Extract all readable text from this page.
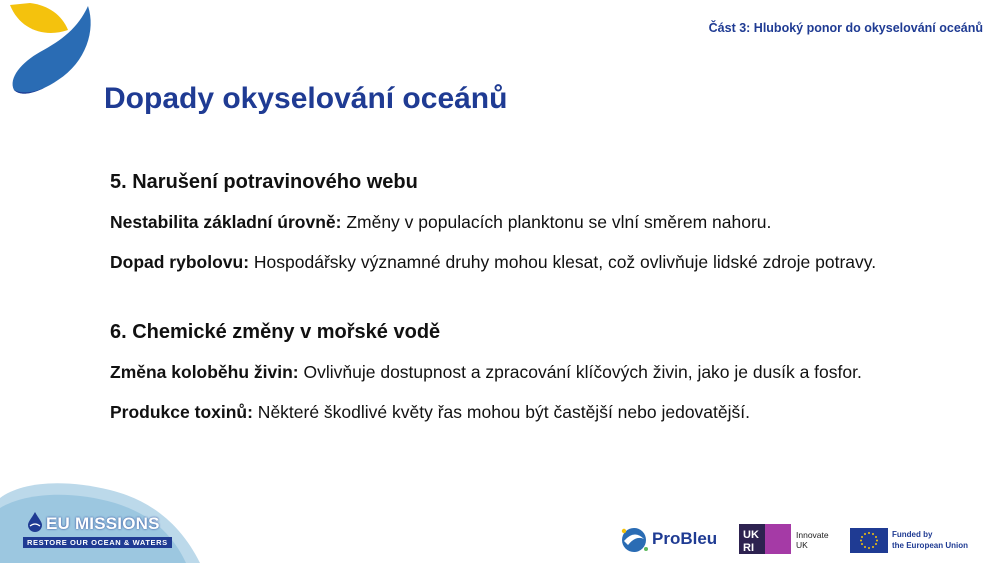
Část 3: Hluboký ponor do okyselování oceánů
Dopady okyselování oceánů

5. Narušení potravinového webu

Nestabilita základní úrovně: Změny v populacích planktonu se vlní směrem nahoru.

Dopad rybolovu: Hospodářsky významné druhy mohou klesat, což ovlivňuje lidské zdroje potravy.

6. Chemické změny v mořské vodě

Změna koloběhu živin: Ovlivňuje dostupnost a zpracování klíčových živin, jako je dusík a fosfor.

Produkce toxinů: Některé škodlivé květy řas mohou být častější nebo jedovatější.

EU MISSIONS
RESTORE OUR OCEAN & WATERS	ProBleu UK
RI
Innovate
UK
Funded by
the European Union
